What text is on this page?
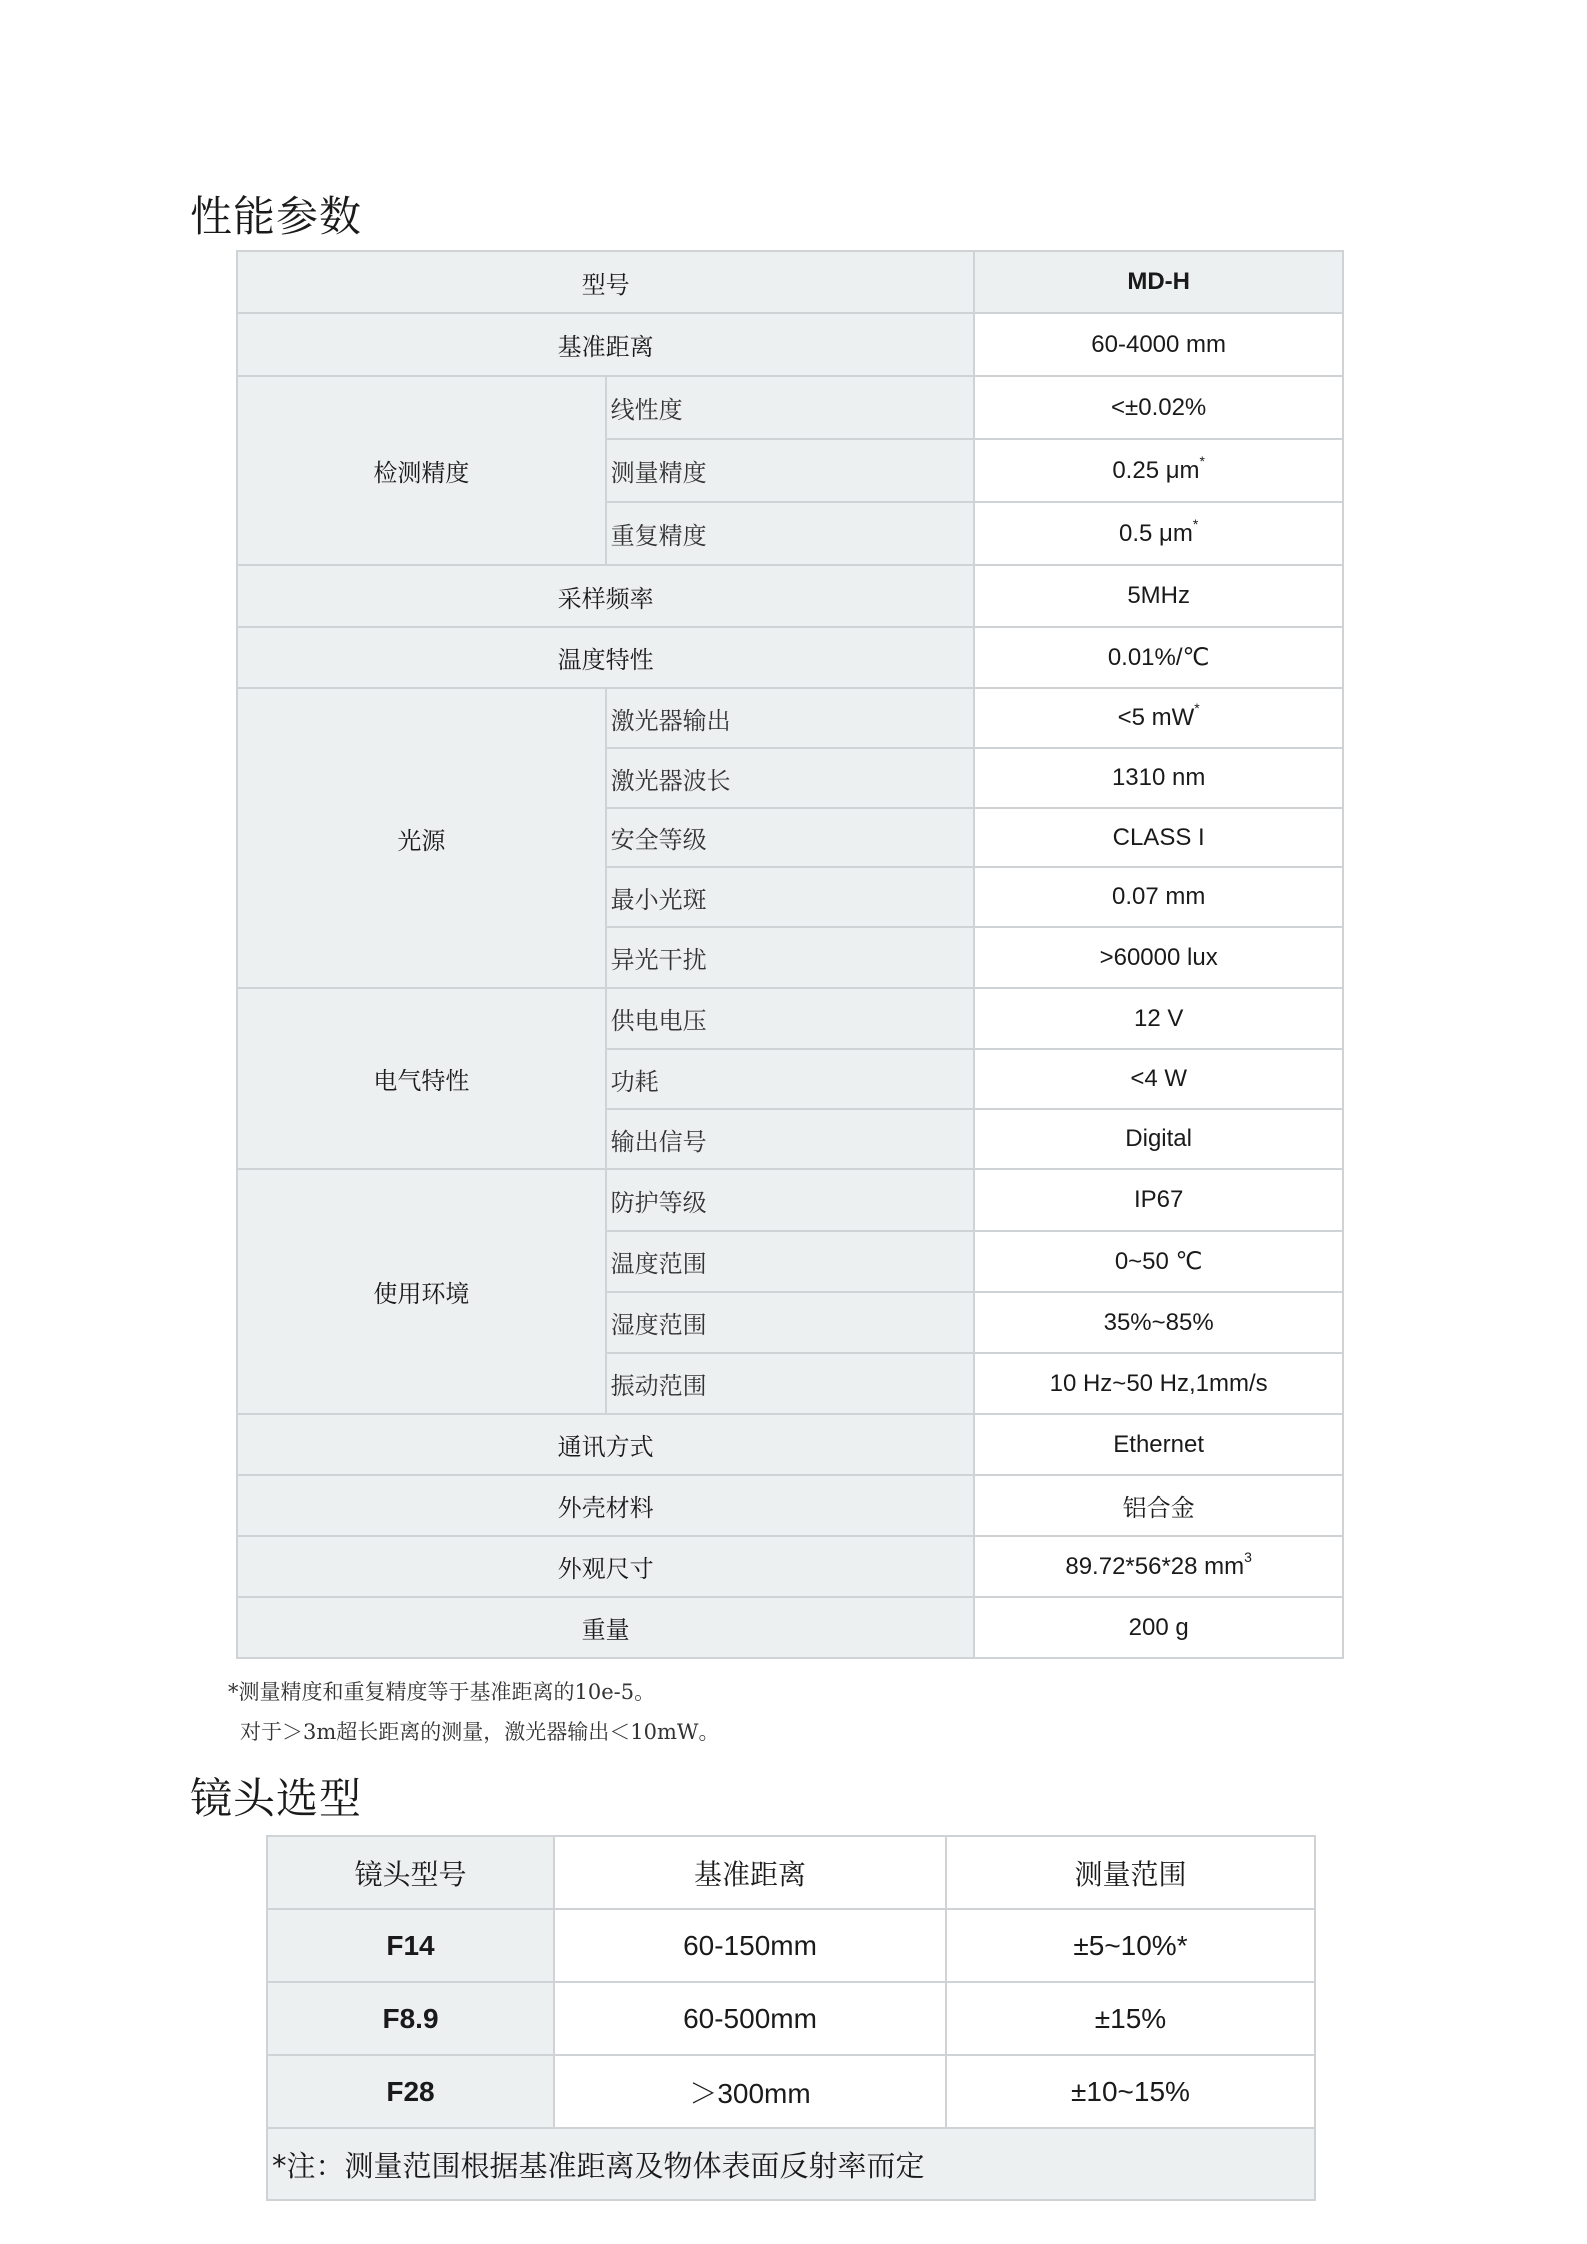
性能参数
型号		MD-H
基准距离		60-4000 mm
检测精度	线性度	<±0.02%
	测量精度	0.25 μm*
	重复精度	0.5 μm*
采样频率		5MHz
温度特性		0.01%/℃
光源	激光器输出	<5 mW*
	激光器波长	1310 nm
	安全等级	CLASS I
	最小光斑	0.07 mm
	异光干扰	>60000 lux
电气特性	供电电压	12 V
	功耗	<4 W
	输出信号	Digital
使用环境	防护等级	IP67
	温度范围	0~50 ℃
	湿度范围	35%~85%
	振动范围	10 Hz~50 Hz,1mm/s
通讯方式		Ethernet
外壳材料		铝合金
外观尺寸		89.72*56*28 $mm^3$
重量		200 g
*测量精度和重复精度等于基准距离的10e-5。
对于＞3m超长距离的测量，激光器输出＜10mW。
镜头选型
镜头型号	基准距离	测量范围
F14	60-150mm	±5~10%*
F8.9	60-500mm	±15%
F28	＞300mm	±10~15%
*注：测量范围根据基准距离及物体表面反射率而定		
